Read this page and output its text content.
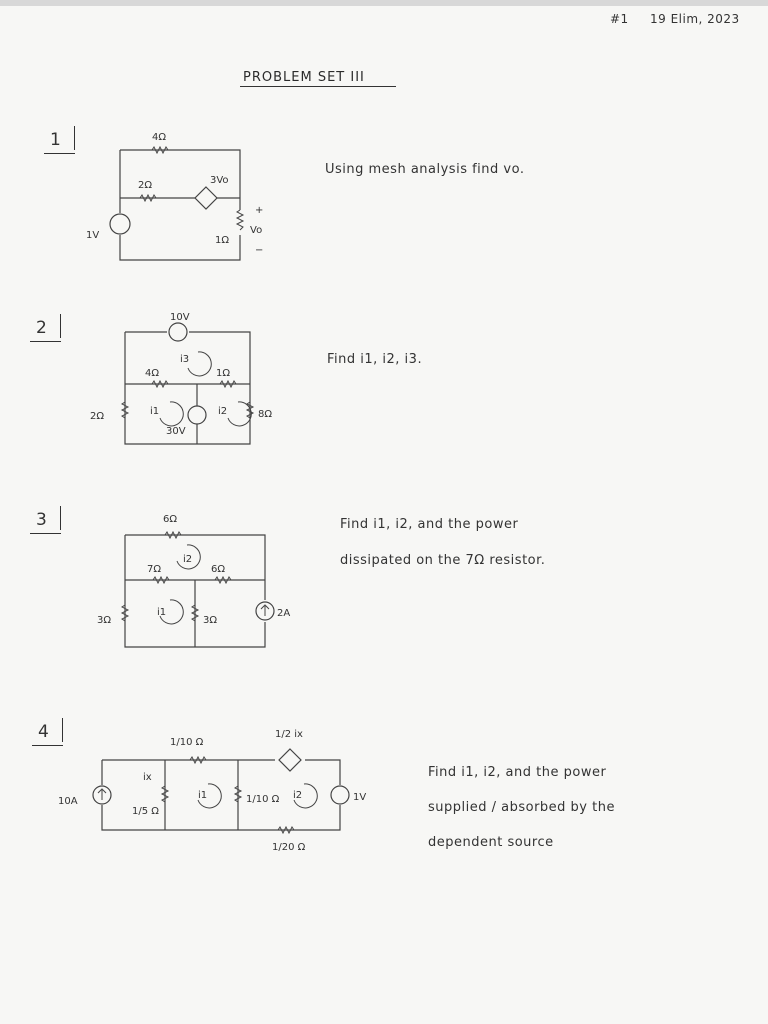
#1 19 Elim, 2023
PROBLEM SET III
1	4Ω
2Ω	3Vo
1Ω
+
Vo
−
1V
Using mesh analysis find vo.
2
10V
4Ω	1Ω
2Ω	8Ω
i3
i1	i2
30V
Find i1, i2, i3.
3	6Ω
7Ω	6Ω
3Ω	3Ω
2A
i2
i1
Find i1, i2, and the power
dissipated on the 7Ω resistor.
4
1/10 Ω
1/2 ix
10A
ix
1/5 Ω
1/10 Ω
1/20 Ω
1V
i1	i2
Find i1, i2, and the power
supplied / absorbed by the
dependent source
